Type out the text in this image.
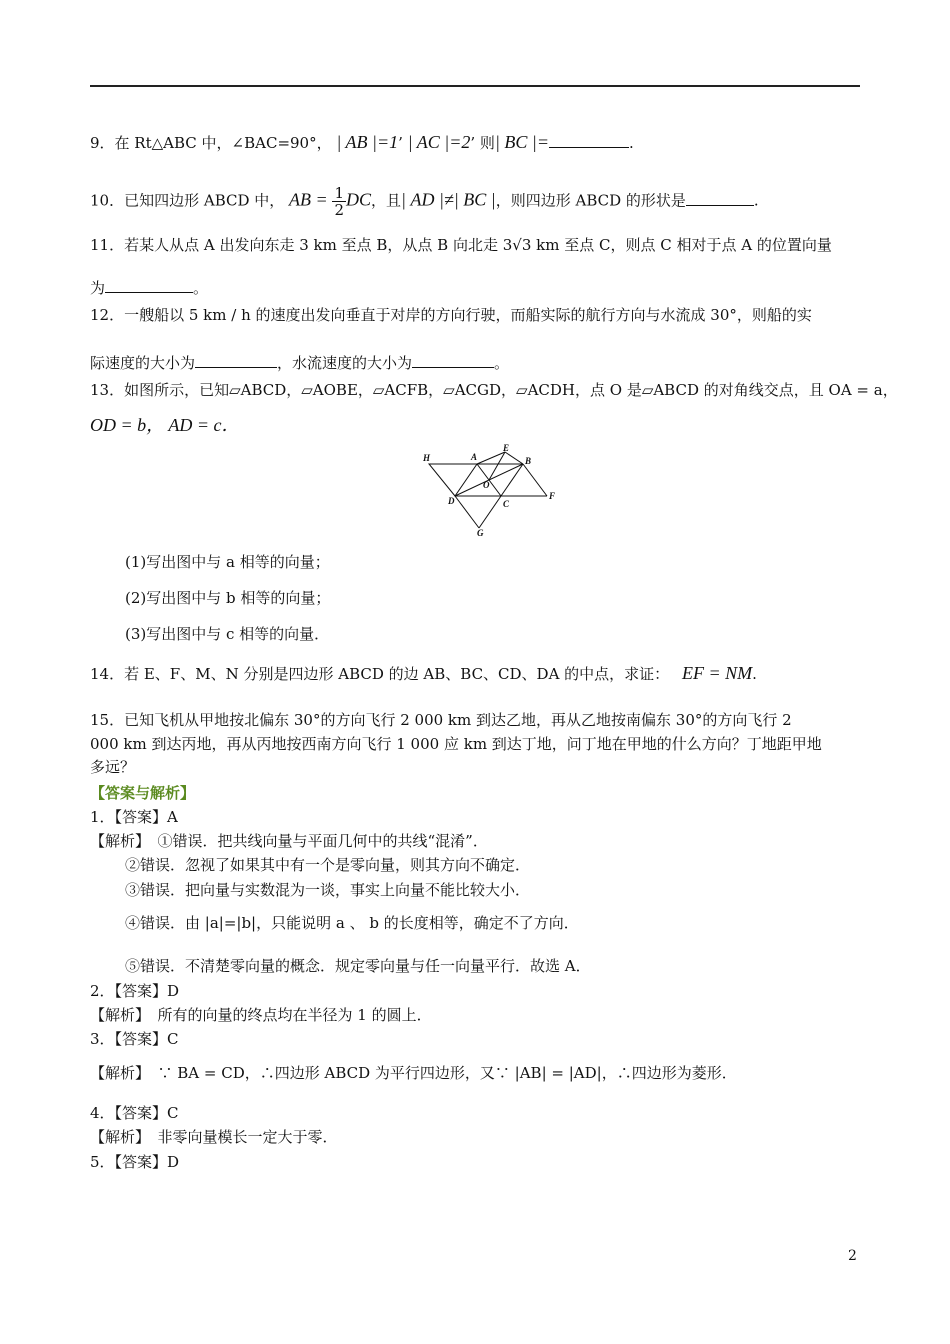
9．在 Rt△ABC 中，∠BAC=90°， | AB |=1’ | AC |=2’ 则| BC |=	.
10．已知四边形 ABCD 中， AB = $\frac{1}{2}$ DC，且| AD |≠| BC |，则四边形 ABCD 的形状是	.
11．若某人从点 A 出发向东走 3 km 至点 B，从点 B 向北走 3√3 km 至点 C，则点 C 相对于点 A 的位置向量
为	。
12．一艘船以 5 km / h 的速度出发向垂直于对岸的方向行驶，而船实际的航行方向与水流成 30°，则船的实
际速度的大小为	，水流速度的大小为	。
13．如图所示，已知▱ABCD，▱AOBE，▱ACFB，▱ACGD，▱ACDH，点 O 是▱ABCD 的对角线交点，且 OA = a，
OD = b， AD = c．
H	A
E
B
O
D	C
F
G
(1)写出图中与 a 相等的向量；
(2)写出图中与 b 相等的向量；
(3)写出图中与 c 相等的向量．
14．若 E、F、M、N 分别是四边形 ABCD 的边 AB、BC、CD、DA 的中点，求证： EF = NM.
15．已知飞机从甲地按北偏东 30°的方向飞行 2 000 km 到达乙地，再从乙地按南偏东 30°的方向飞行 2
000 km 到达丙地，再从丙地按西南方向飞行 1 000 应 km 到达丁地，问丁地在甲地的什么方向？丁地距甲地
多远？
【答案与解析】
1．【答案】A
【解析】　①错误．把共线向量与平面几何中的共线“混淆”．
②错误．忽视了如果其中有一个是零向量，则其方向不确定．
③错误．把向量与实数混为一谈，事实上向量不能比较大小．
④错误．由 |a|=|b|，只能说明 a 、 b 的长度相等，确定不了方向．
⑤错误．不清楚零向量的概念．规定零向量与任一向量平行．故选 A．
2．【答案】D
【解析】　所有的向量的终点均在半径为 1 的圆上．
3．【答案】C
【解析】　∵ BA = CD，∴四边形 ABCD 为平行四边形，又∵ |AB| = |AD|，∴四边形为菱形．
4．【答案】C
【解析】　非零向量模长一定大于零．
5．【答案】D
2
